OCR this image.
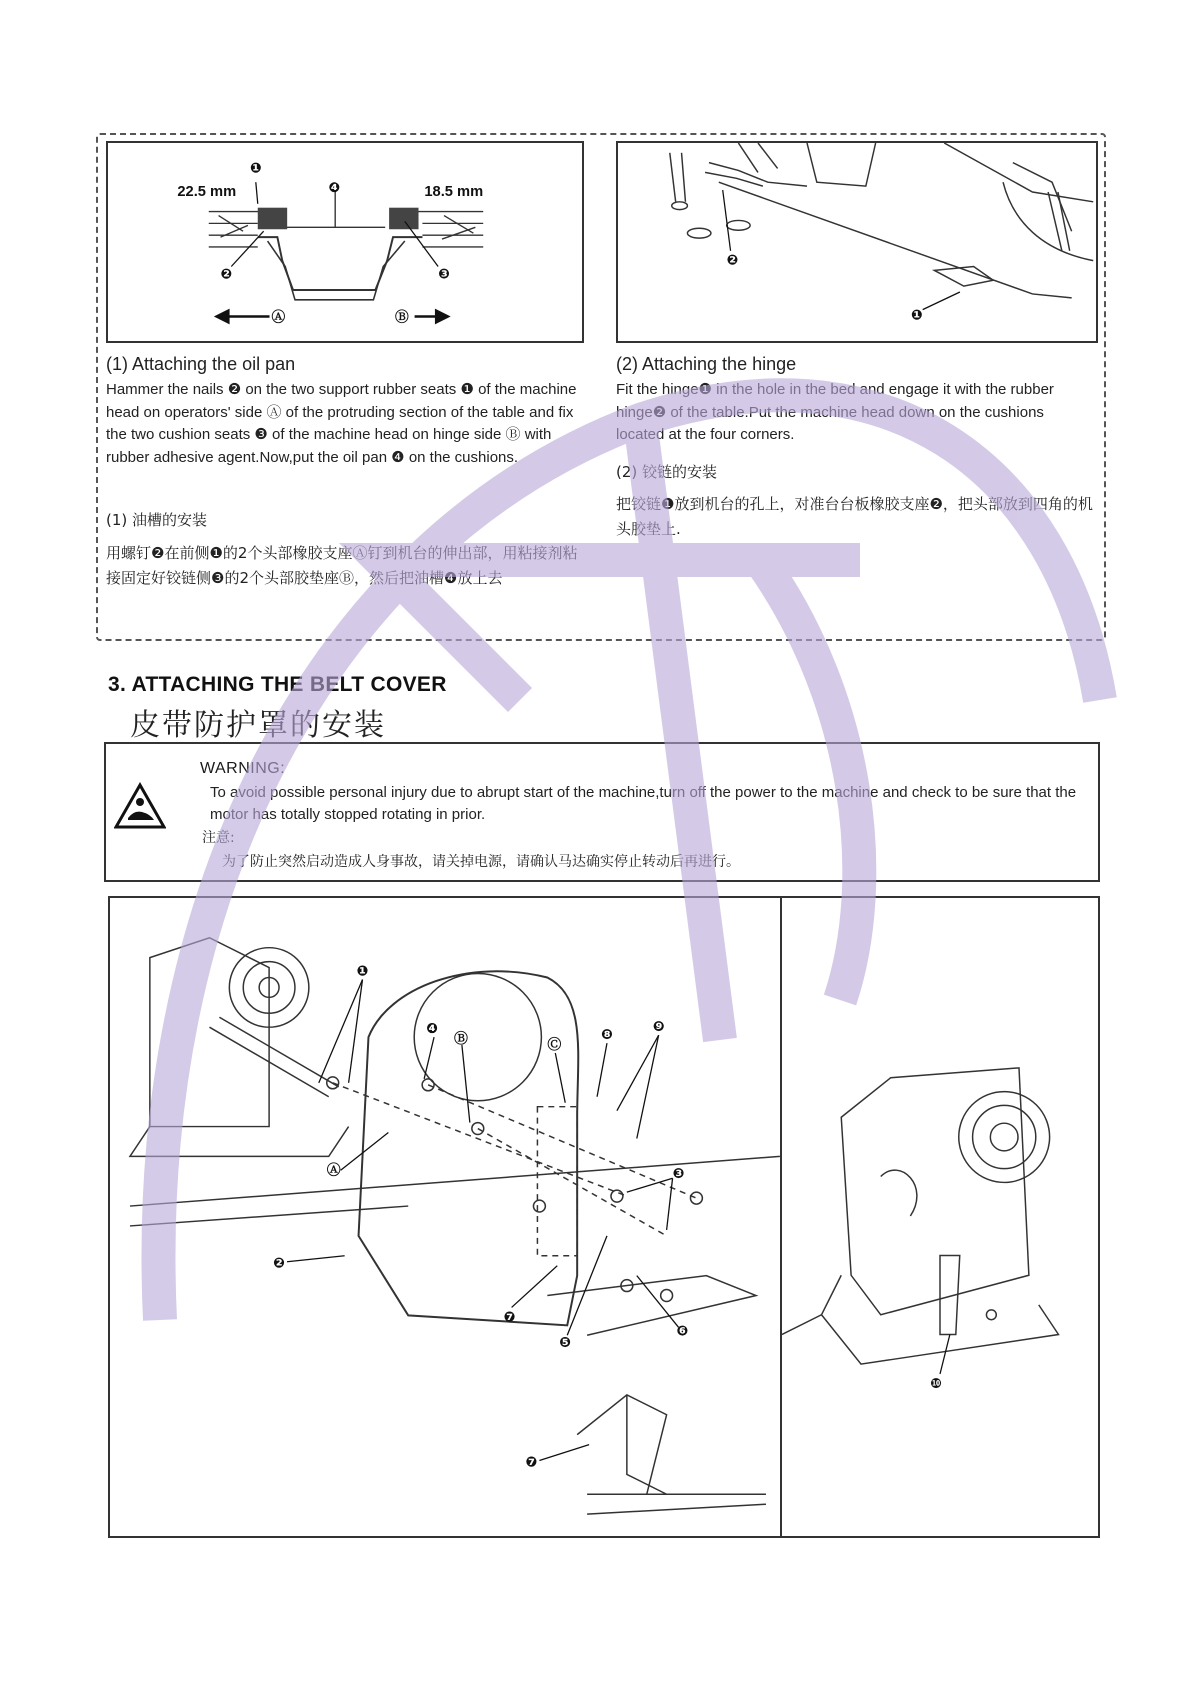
❶
❹
❷	❸
22.5 mm	18.5 mm
Ⓐ	Ⓑ
❷
❶
(1) Attaching the oil pan
Hammer the nails ❷ on the two support rubber seats ❶ of the machine head on operators' side Ⓐ of the protruding section of the table and fix the two cushion seats ❸ of the machine head on hinge side Ⓑ with rubber adhesive agent.Now,put the oil pan ❹ on the cushions.
(1) 油槽的安装
用螺钉❷在前侧❶的2个头部橡胶支座Ⓐ钉到机台的伸出部，用粘接剂粘接固定好铰链侧❸的2个头部胶垫座Ⓑ，然后把油槽❹放上去
(2) Attaching the hinge
Fit the hinge❶ in the hole in the bed and engage it with the rubber hinge❷ of the table.Put the machine head down on the cushions located at the four corners.
(2) 铰链的安装
把铰链❶放到机台的孔上，对准台台板橡胶支座❷，把头部放到四角的机头胶垫上.
3. ATTACHING THE BELT COVER
皮带防护罩的安装
WARNING:
To avoid possible personal injury due to abrupt start of the machine,turn off the power to the machine and check to be sure that the motor has totally stopped rotating in prior.
注意:
为了防止突然启动造成人身事故，请关掉电源，请确认马达确实停止转动后再进行。
❶
❹
Ⓑ	Ⓒ
❽	❾
Ⓐ	❸
❷
❼
❺
❻
❼
❿
